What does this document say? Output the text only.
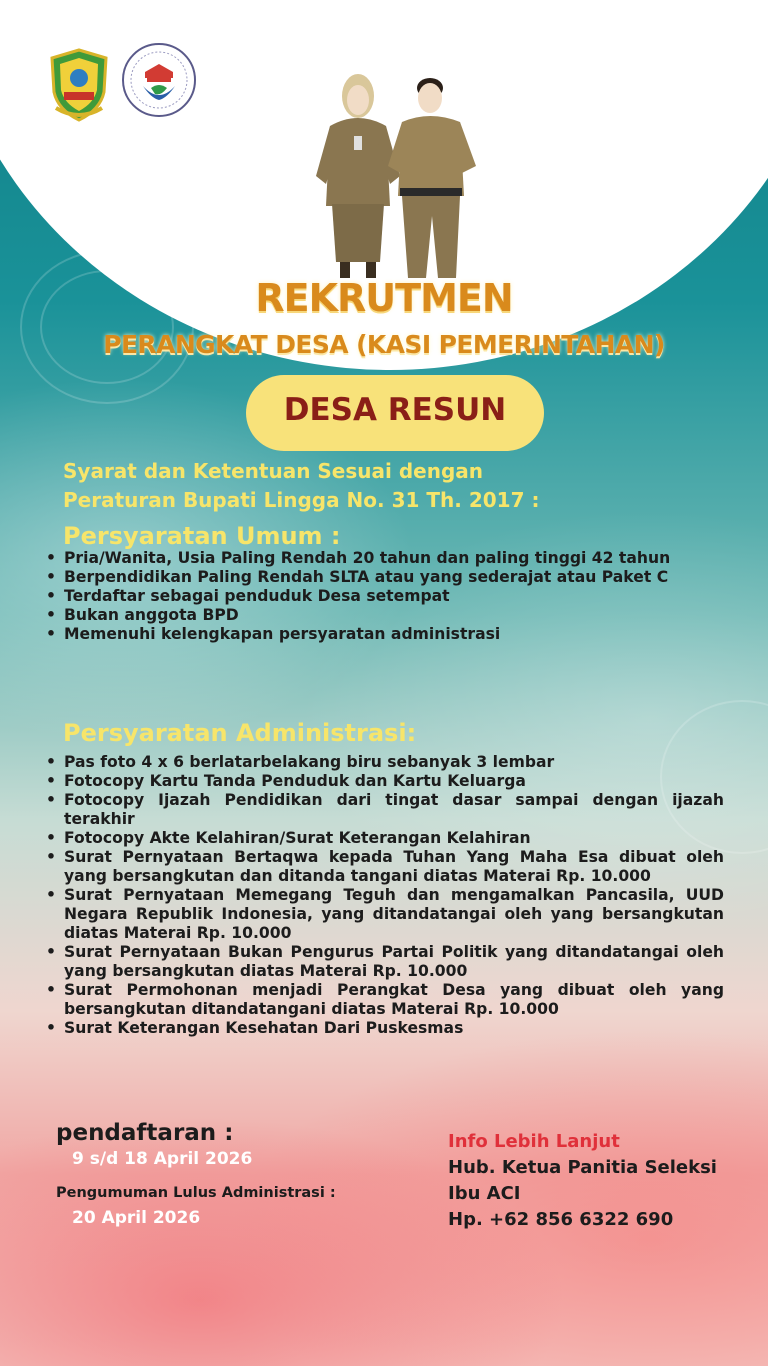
REKRUTMEN
PERANGKAT DESA (KASI PEMERINTAHAN)
DESA RESUN
Syarat dan Ketentuan Sesuai dengan
Peraturan Bupati Lingga No. 31 Th. 2017 :
Persyaratan Umum :
• Pria/Wanita, Usia Paling Rendah 20 tahun dan paling tinggi 42 tahun
• Berpendidikan Paling Rendah SLTA atau yang sederajat atau Paket C
• Terdaftar sebagai penduduk Desa setempat
• Bukan anggota BPD
• Memenuhi kelengkapan persyaratan administrasi
Persyaratan Administrasi:
• Pas foto 4 x 6 berlatarbelakang biru sebanyak 3 lembar
• Fotocopy Kartu Tanda Penduduk dan Kartu Keluarga
• Fotocopy Ijazah Pendidikan dari tingat dasar sampai dengan ijazah terakhir
• Fotocopy Akte Kelahiran/Surat Keterangan Kelahiran
• Surat Pernyataan Bertaqwa kepada Tuhan Yang Maha Esa dibuat oleh yang bersangkutan dan ditanda tangani diatas Materai Rp. 10.000
• Surat Pernyataan Memegang Teguh dan mengamalkan Pancasila, UUD Negara Republik Indonesia, yang ditandatangai oleh yang bersangkutan diatas Materai Rp. 10.000
• Surat Pernyataan Bukan Pengurus Partai Politik yang ditandatangai oleh yang bersangkutan diatas Materai Rp. 10.000
• Surat Permohonan menjadi Perangkat Desa yang dibuat oleh yang bersangkutan ditandatangani diatas Materai Rp. 10.000
• Surat Keterangan Kesehatan Dari Puskesmas
pendaftaran :
9 s/d 18 April 2026
Pengumuman Lulus Administrasi :
20 April 2026
Info Lebih Lanjut
Hub. Ketua Panitia Seleksi
Ibu ACI
Hp. +62 856 6322 690
